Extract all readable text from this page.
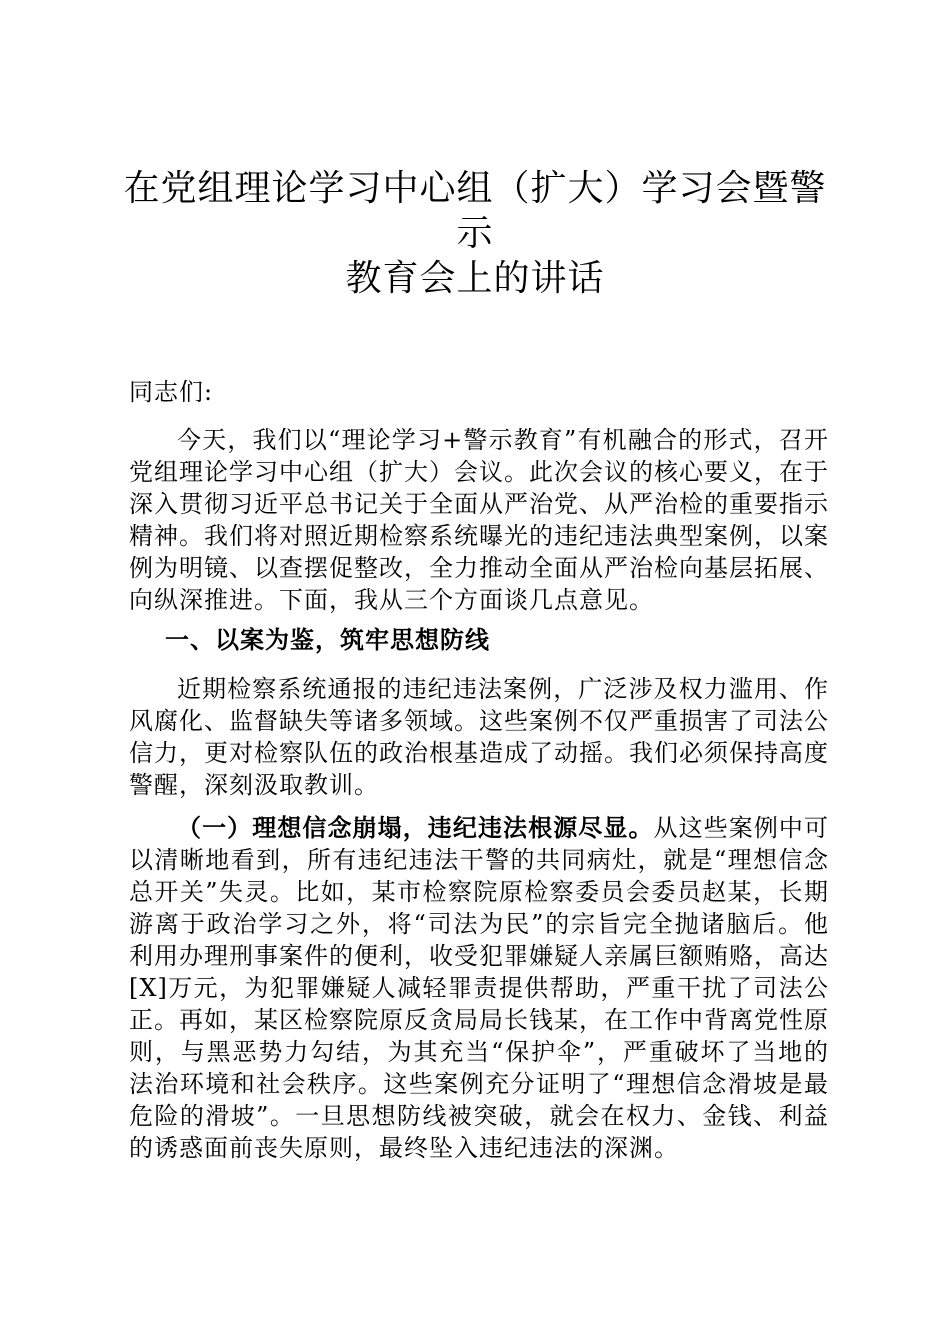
在党组理论学习中心组（扩大）学习会暨警示
教育会上的讲话

同志们:

今天，我们以“理论学习+警示教育”有机融合的形式，召开党组理论学习中心组（扩大）会议。此次会议的核心要义，在于深入贯彻习近平总书记关于全面从严治党、从严治检的重要指示精神。我们将对照近期检察系统曝光的违纪违法典型案例，以案例为明镜、以查摆促整改，全力推动全面从严治检向基层拓展、向纵深推进。下面，我从三个方面谈几点意见。

一、以案为鉴，筑牢思想防线

近期检察系统通报的违纪违法案例，广泛涉及权力滥用、作风腐化、监督缺失等诸多领域。这些案例不仅严重损害了司法公信力，更对检察队伍的政治根基造成了动摇。我们必须保持高度警醒，深刻汲取教训。

（一）理想信念崩塌，违纪违法根源尽显。从这些案例中可以清晰地看到，所有违纪违法干警的共同病灶，就是“理想信念总开关”失灵。比如，某市检察院原检察委员会委员赵某，长期游离于政治学习之外，将“司法为民”的宗旨完全抛诸脑后。他利用办理刑事案件的便利，收受犯罪嫌疑人亲属巨额贿赂，高达[X]万元，为犯罪嫌疑人减轻罪责提供帮助，严重干扰了司法公正。再如，某区检察院原反贪局局长钱某，在工作中背离党性原则，与黑恶势力勾结，为其充当“保护伞”，严重破坏了当地的法治环境和社会秩序。这些案例充分证明了“理想信念滑坡是最危险的滑坡”。一旦思想防线被突破，就会在权力、金钱、利益的诱惑面前丧失原则，最终坠入违纪违法的深渊。
